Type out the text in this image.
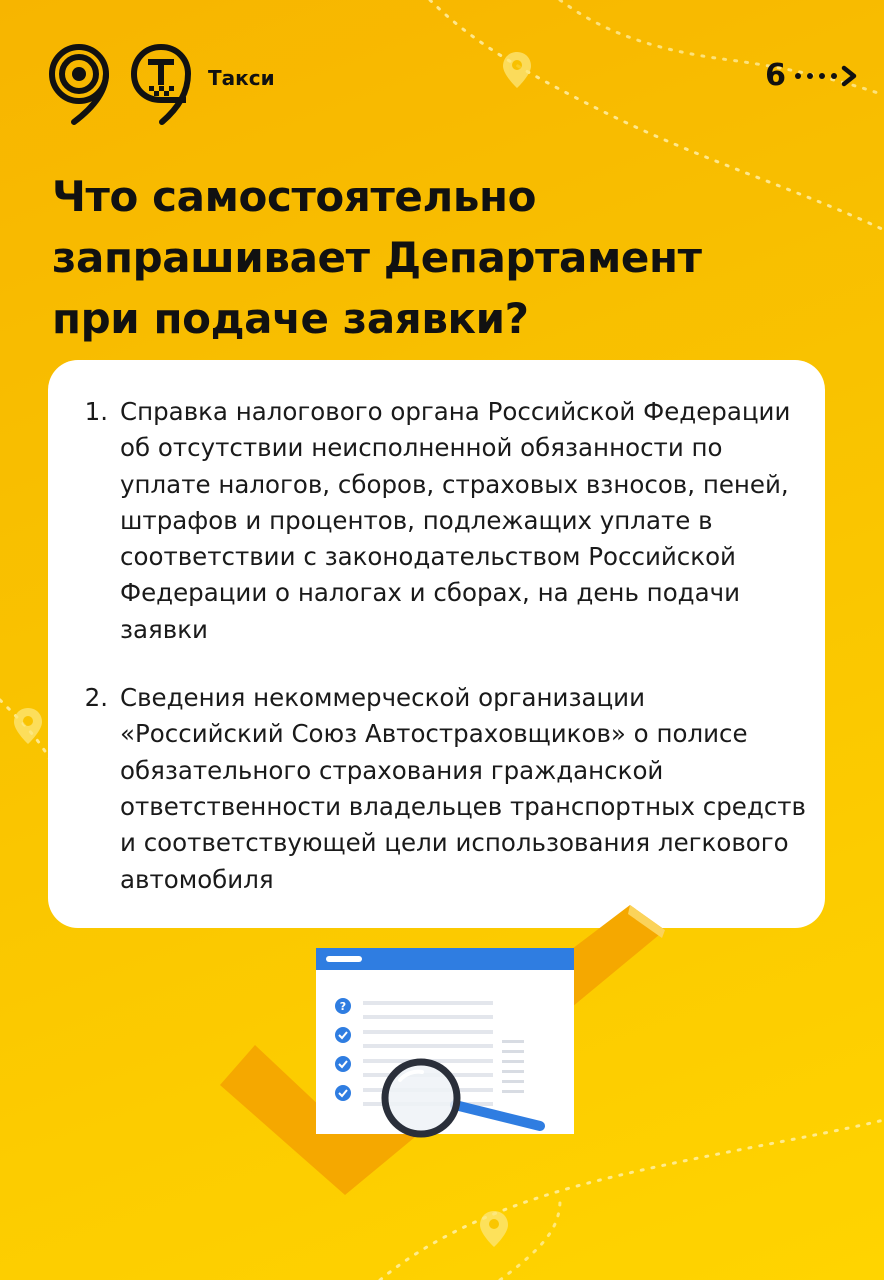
Такси	6
Что самостоятельно
запрашивает Департамент
при подаче заявки?
1. Справка налогового органа Российской Федерации об отсутствии неисполненной обязанности по уплате налогов, сборов, страховых взносов, пеней, штрафов и процентов, подлежащих уплате в соответствии с законодательством Российской Федерации о налогах и сборах, на день подачи заявки
2. Сведения некоммерческой организации «Российский Союз Автостраховщиков» о полисе обязательного страхования гражданской ответственности владельцев транспортных средств и соответствующей цели использования легкового автомобиля
?
